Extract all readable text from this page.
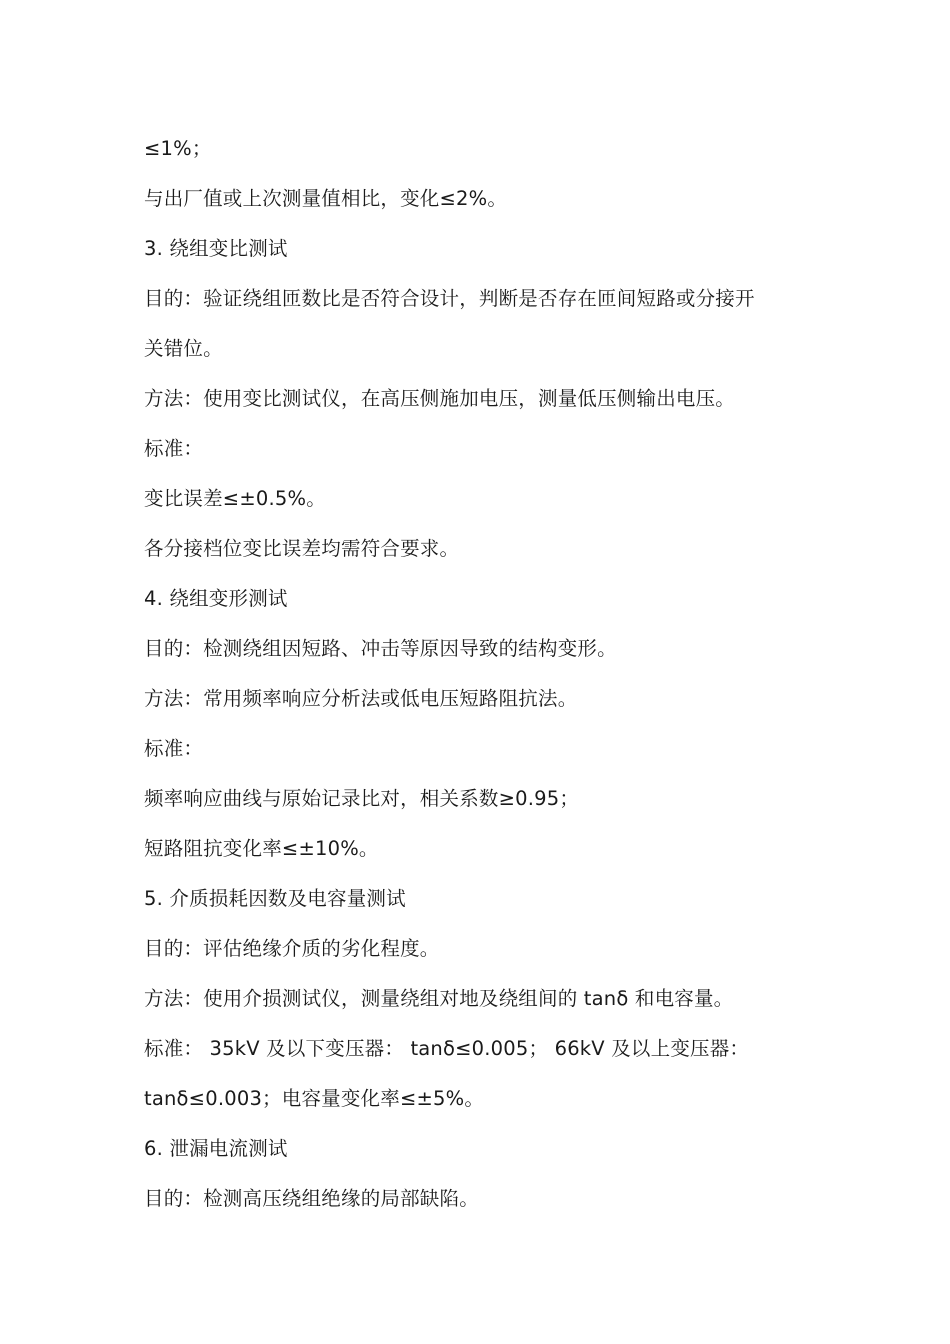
≤1%；
与出厂值或上次测量值相比，变化≤2%。
3. 绕组变比测试
目的：验证绕组匝数比是否符合设计，判断是否存在匝间短路或分接开
关错位。
方法：使用变比测试仪，在高压侧施加电压，测量低压侧输出电压。
标准：
变比误差≤±0.5%。
各分接档位变比误差均需符合要求。
4. 绕组变形测试
目的：检测绕组因短路、冲击等原因导致的结构变形。
方法：常用频率响应分析法或低电压短路阻抗法。
标准：
频率响应曲线与原始记录比对，相关系数≥0.95；
短路阻抗变化率≤±10%。
5. 介质损耗因数及电容量测试
目的：评估绝缘介质的劣化程度。
方法：使用介损测试仪，测量绕组对地及绕组间的 tanδ 和电容量。
标准： 35kV 及以下变压器： tanδ≤0.005； 66kV 及以上变压器：
tanδ≤0.003；电容量变化率≤±5%。
6. 泄漏电流测试
目的：检测高压绕组绝缘的局部缺陷。
